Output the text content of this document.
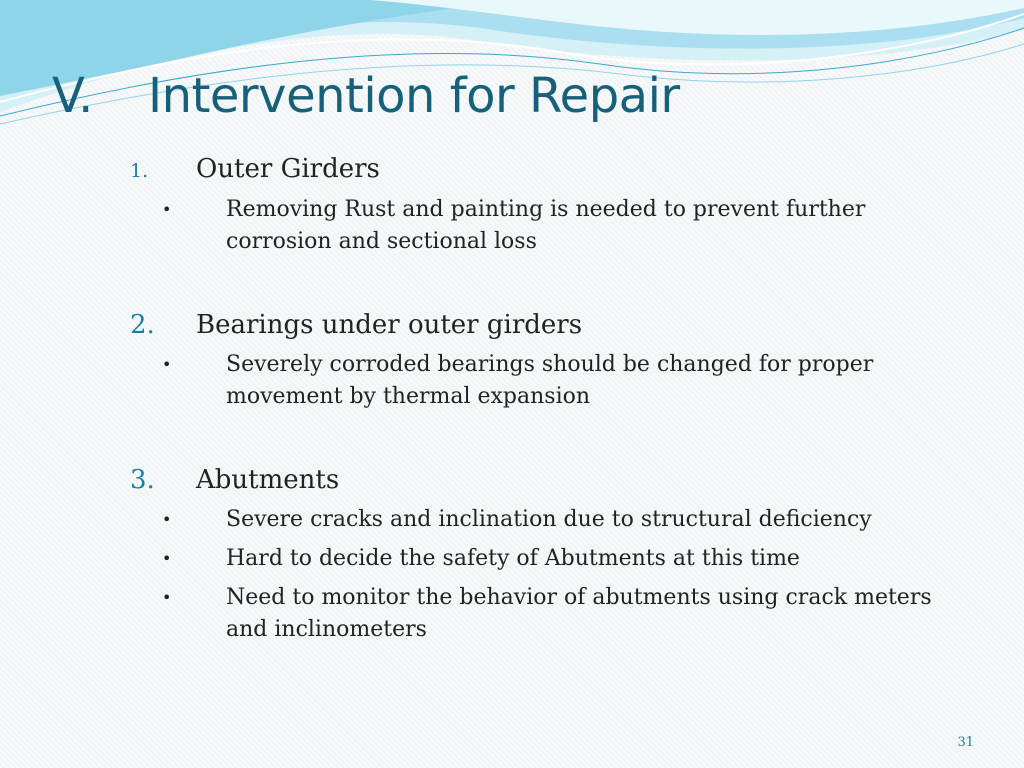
V. Intervention for Repair
1. Outer Girders
• Removing Rust and painting is needed to prevent further corrosion and sectional loss
2. Bearings under outer girders
• Severely corroded bearings should be changed for proper movement by thermal expansion
3. Abutments
• Severe cracks and inclination due to structural deficiency
• Hard to decide the safety of Abutments at this time
• Need to monitor the behavior of abutments using crack meters and inclinometers
31
